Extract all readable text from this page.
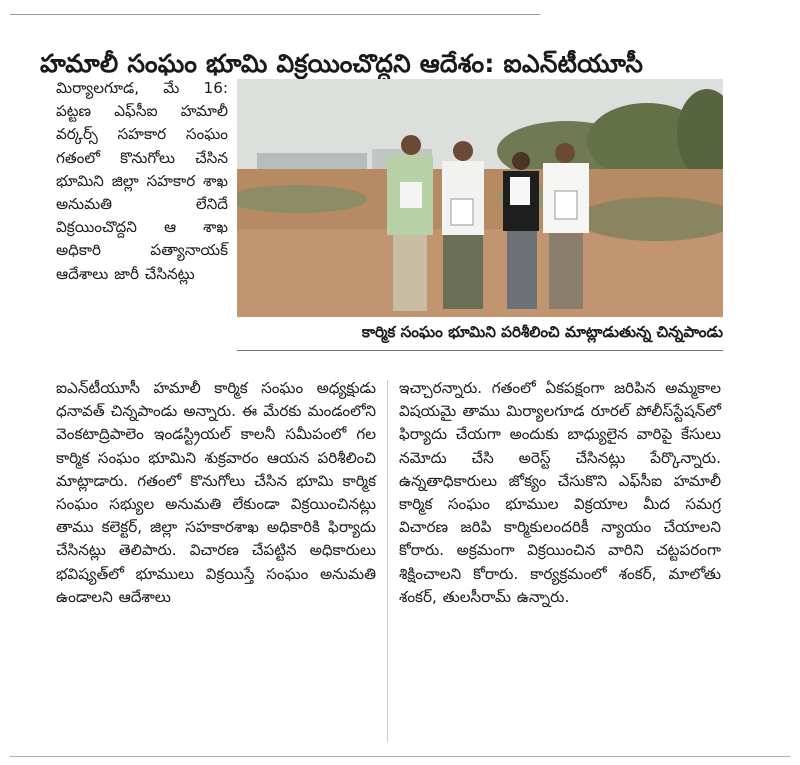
హమాలీ సంఘం భూమి విక్రయించొద్దని ఆదేశం: ఐఎన్‌టీయూసీ
మిర్యాలగూడ, మే 16: పట్టణ ఎఫ్‌సీఐ హమాలీ వర్కర్స్ సహకార సంఘం గతంలో కొనుగోలు చేసిన భూమిని జిల్లా సహకార శాఖ అనుమతి లేనిదే విక్రయించొద్దని ఆ శాఖ అధికారి పత్యానాయక్ ఆదేశాలు జారీ చేసినట్లు
కార్మిక సంఘం భూమిని పరిశీలించి మాట్లాడుతున్న చిన్నపాండు
ఐఎన్‌టీయూసీ హమాలీ కార్మిక సంఘం అధ్యక్షుడు ధనావత్ చిన్నపాండు అన్నారు. ఈ మేరకు మండంలోని వెంకటాద్రిపాలెం ఇండస్ట్రియల్ కాలనీ సమీపంలో గల కార్మిక సంఘం భూమిని శుక్రవారం ఆయన పరిశీలించి మాట్లాడారు. గతంలో కొనుగోలు చేసిన భూమి కార్మిక సంఘం సభ్యుల అనుమతి లేకుండా విక్రయించినట్లు తాము కలెక్టర్, జిల్లా సహకారశాఖ అధికారికి ఫిర్యాదు చేసినట్లు తెలిపారు. విచారణ చేపట్టిన అధికారులు భవిష్యత్‌లో భూములు విక్రయిస్తే సంఘం అనుమతి ఉండాలని ఆదేశాలు
ఇచ్చారన్నారు. గతంలో ఏకపక్షంగా జరిపిన అమ్మకాల విషయమై తాము మిర్యాలగూడ రూరల్ పోలీస్‌స్టేషన్‌లో ఫిర్యాదు చేయగా అందుకు బాధ్యులైన వారిపై కేసులు నమోదు చేసి అరెస్ట్ చేసినట్లు పేర్కొన్నారు. ఉన్నతాధికారులు జోక్యం చేసుకొని ఎఫ్‌సీఐ హమాలీ కార్మిక సంఘం భూముల విక్రయాల మీద సమగ్ర విచారణ జరిపి కార్మికులందరికీ న్యాయం చేయాలని కోరారు. అక్రమంగా విక్రయించిన వారిని చట్టపరంగా శిక్షించాలని కోరారు. కార్యక్రమంలో శంకర్, మాలోతు శంకర్, తులసీరామ్ ఉన్నారు.
